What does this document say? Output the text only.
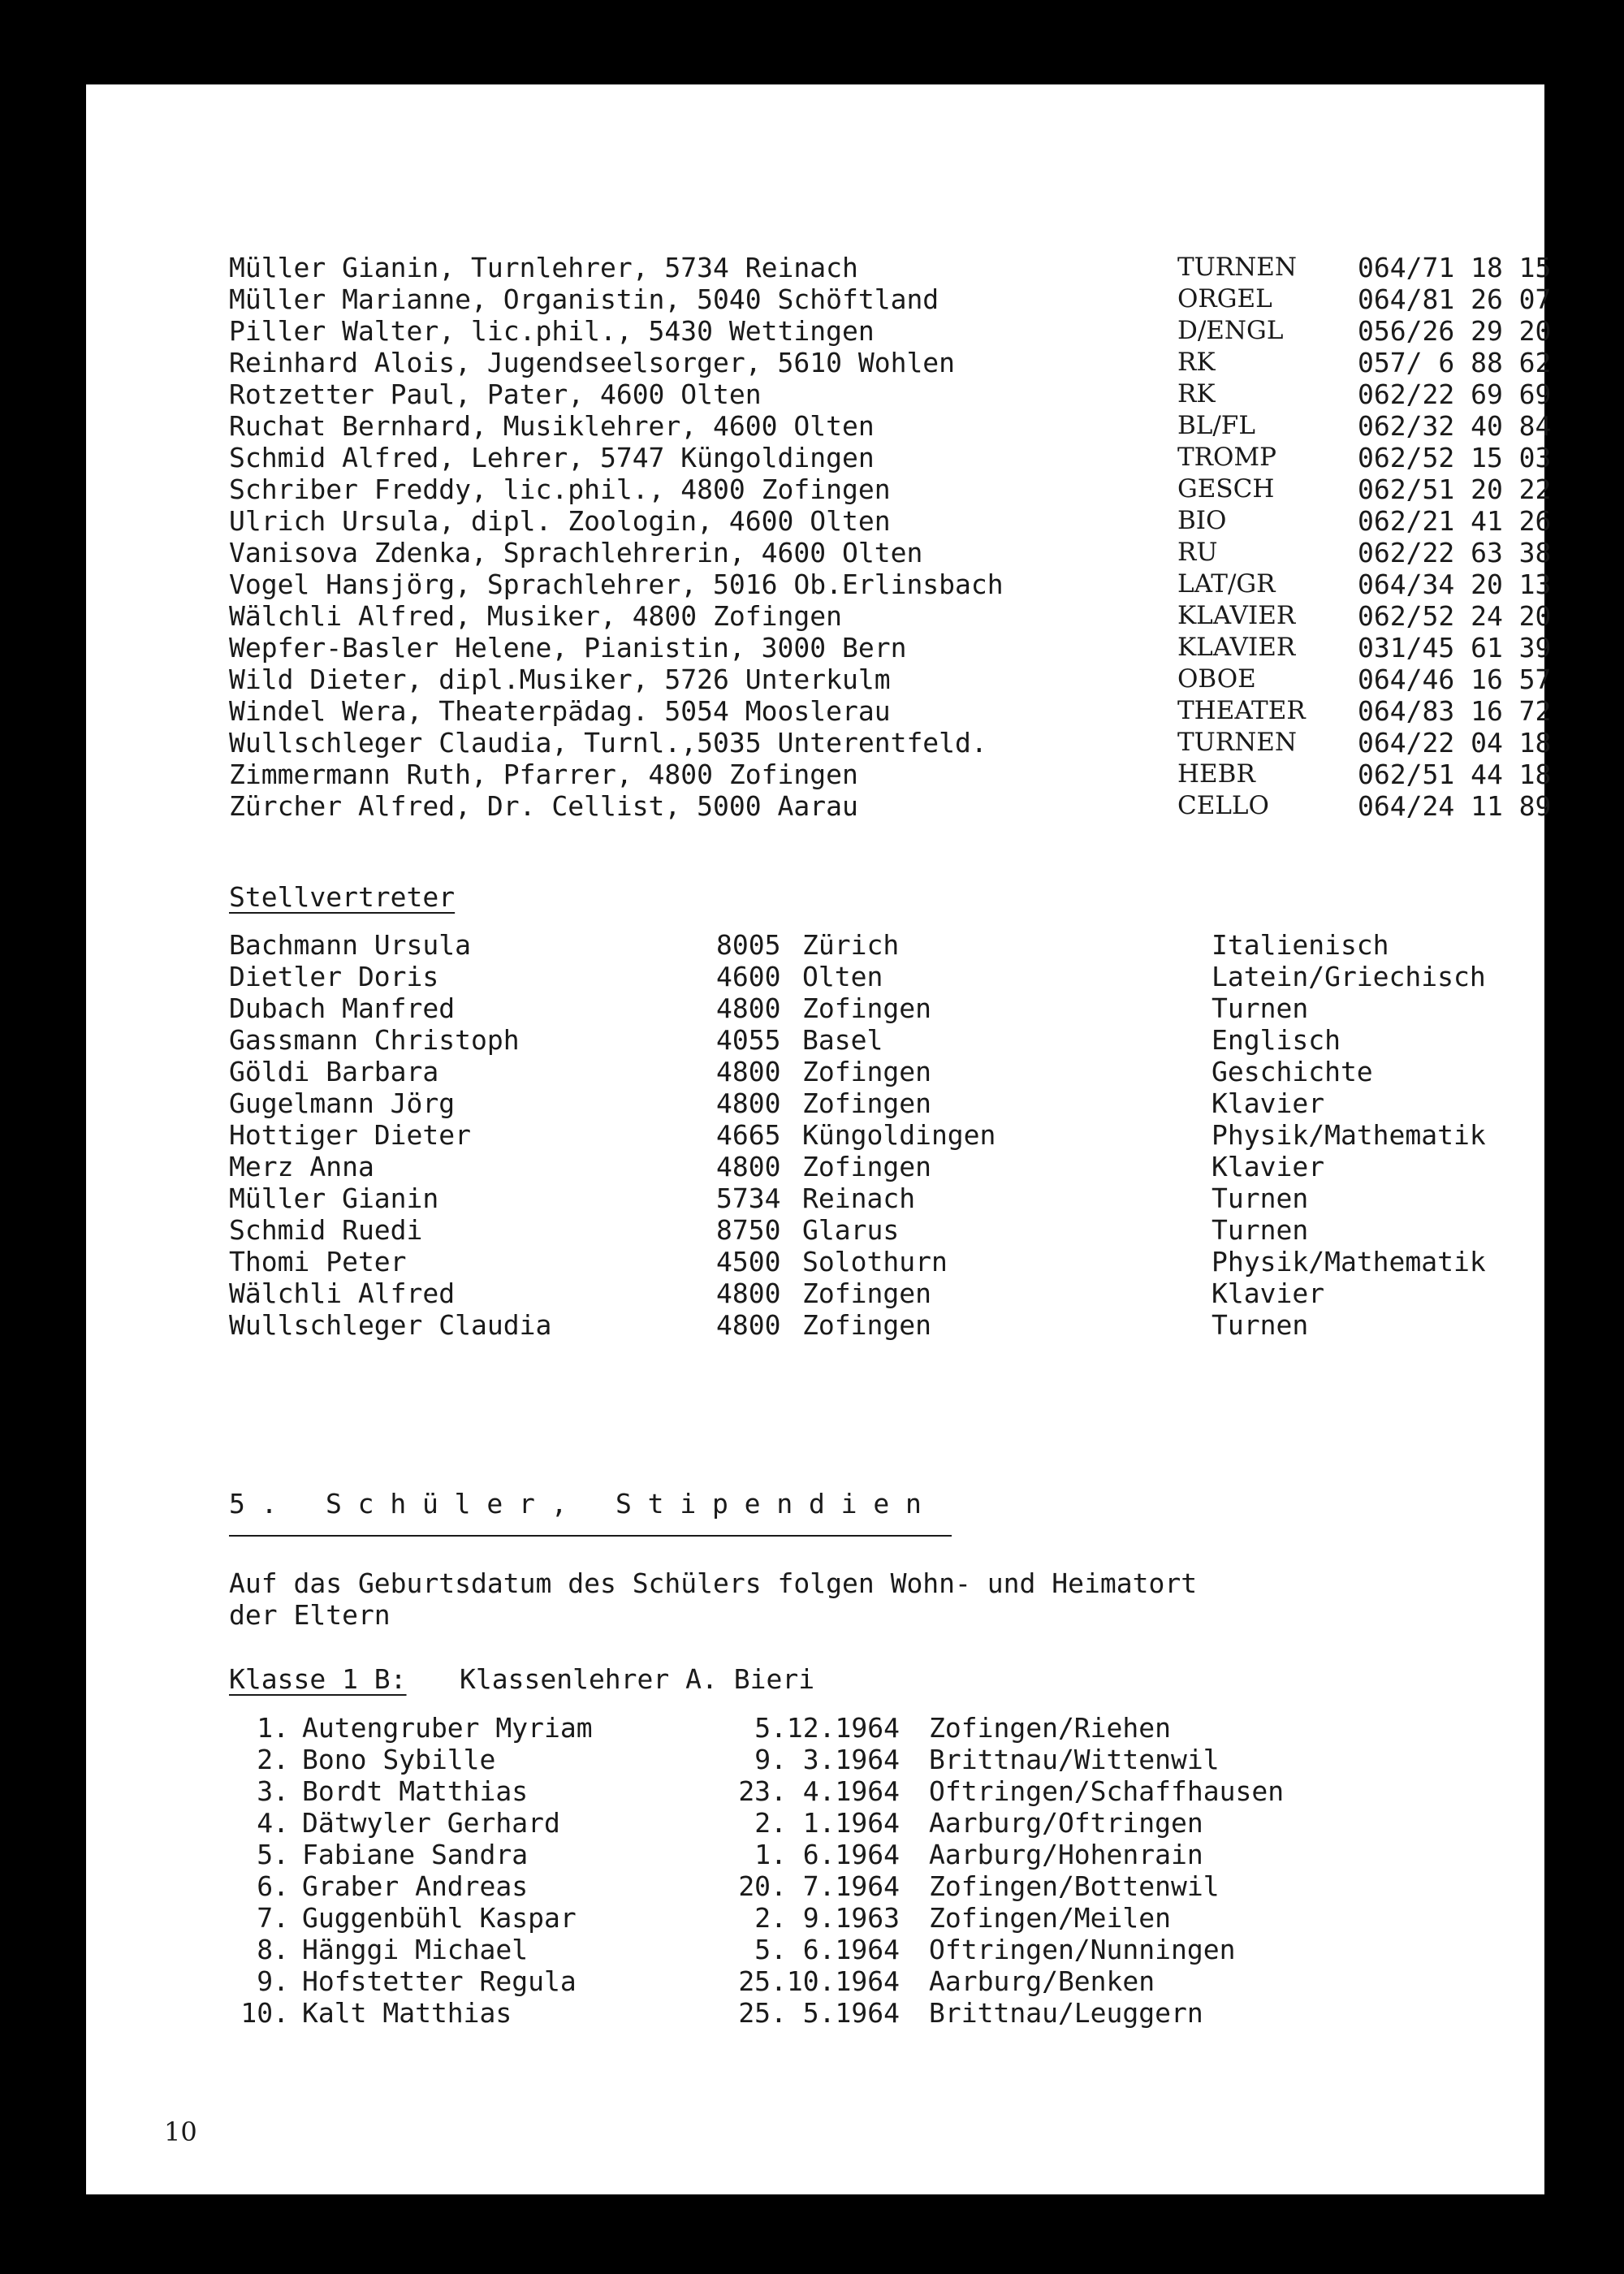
Müller Gianin, Turnlehrer, 5734 Reinach	TURNEN 064/71 18 15
Müller Marianne, Organistin, 5040 Schöftland	ORGEL	064/81 26 07
Piller Walter, lic.phil., 5430 Wettingen	D/ENGL	056/26 29 20
Reinhard Alois, Jugendseelsorger, 5610 Wohlen	RK	057/ 6 88 62
Rotzetter Paul, Pater, 4600 Olten	RK	062/22 69 69
Ruchat Bernhard, Musiklehrer, 4600 Olten	BL/FL	062/32 40 84
Schmid Alfred, Lehrer, 5747 Küngoldingen	TROMP	062/52 15 03
Schriber Freddy, lic.phil., 4800 Zofingen	GESCH	062/51 20 22
Ulrich Ursula, dipl. Zoologin, 4600 Olten	BIO	062/21 41 26
Vanisova Zdenka, Sprachlehrerin, 4600 Olten	RU	062/22 63 38
Vogel Hansjörg, Sprachlehrer, 5016 Ob.Erlinsbach	LAT/GR	064/34 20 13
Wälchli Alfred, Musiker, 4800 Zofingen	KLAVIER 062/52 24 20
Wepfer-Basler Helene, Pianistin, 3000 Bern	KLAVIER 031/45 61 39
Wild Dieter, dipl.Musiker, 5726 Unterkulm	OBOE	064/46 16 57
Windel Wera, Theaterpädag. 5054 Mooslerau	THEATER 064/83 16 72
Wullschleger Claudia, Turnl.,5035 Unterentfeld.	TURNEN 064/22 04 18
Zimmermann Ruth, Pfarrer, 4800 Zofingen	HEBR	062/51 44 18
Zürcher Alfred, Dr. Cellist, 5000 Aarau	CELLO	064/24 11 89
Stellvertreter
Bachmann Ursula	8005 Zürich	Italienisch
Dietler Doris	4600 Olten	Latein/Griechisch
Dubach Manfred	4800 Zofingen	Turnen
Gassmann Christoph	4055 Basel	Englisch
Göldi Barbara	4800 Zofingen	Geschichte
Gugelmann Jörg	4800 Zofingen	Klavier
Hottiger Dieter	4665 Küngoldingen	Physik/Mathematik
Merz Anna	4800 Zofingen	Klavier
Müller Gianin	5734 Reinach	Turnen
Schmid Ruedi	8750 Glarus	Turnen
Thomi Peter	4500 Solothurn	Physik/Mathematik
Wälchli Alfred	4800 Zofingen	Klavier
Wullschleger Claudia	4800 Zofingen	Turnen
5. Schüler, Stipendien
Auf das Geburtsdatum des Schülers folgen Wohn- und Heimatort
der Eltern
Klasse 1 B: Klassenlehrer A. Bieri
1. Autengruber Myriam	5.12.1964 Zofingen/Riehen
2. Bono Sybille	9. 3.1964 Brittnau/Wittenwil
3. Bordt Matthias	23. 4.1964 Oftringen/Schaffhausen
4. Dätwyler Gerhard	2. 1.1964 Aarburg/Oftringen
5. Fabiane Sandra	1. 6.1964 Aarburg/Hohenrain
6. Graber Andreas	20. 7.1964 Zofingen/Bottenwil
7. Guggenbühl Kaspar	2. 9.1963 Zofingen/Meilen
8. Hänggi Michael	5. 6.1964 Oftringen/Nunningen
9. Hofstetter Regula	25.10.1964 Aarburg/Benken
10. Kalt Matthias	25. 5.1964 Brittnau/Leuggern
10
